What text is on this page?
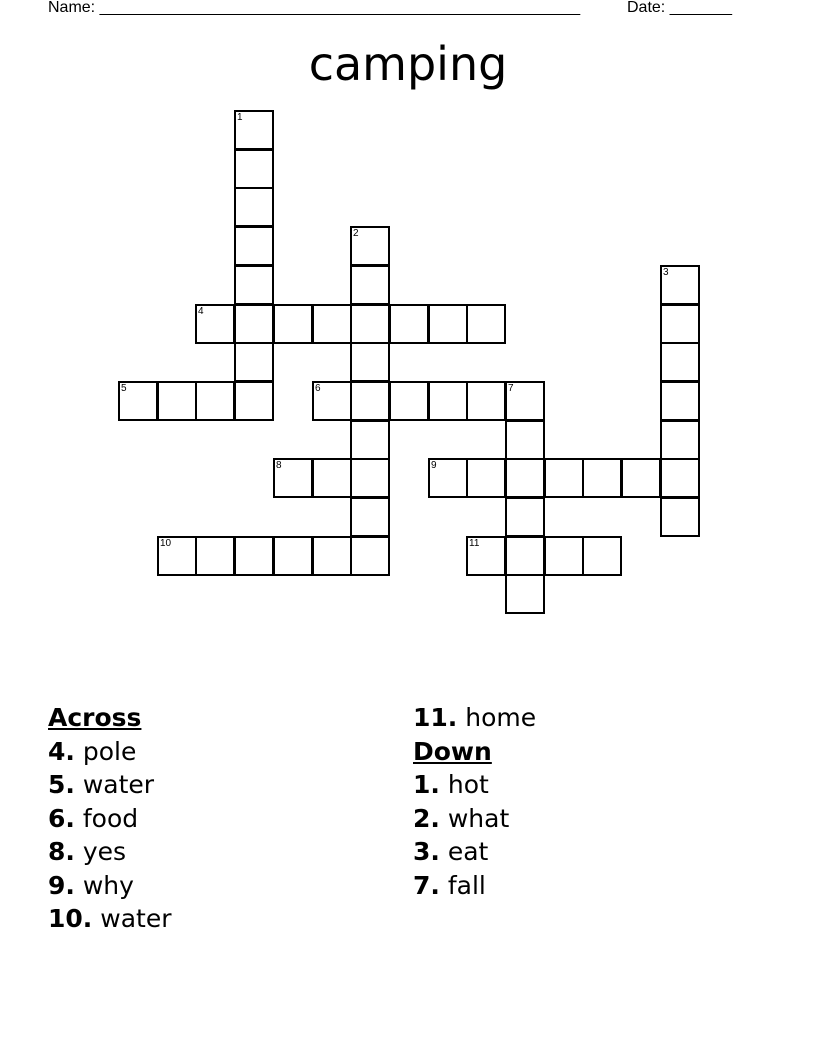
Name: ______________________________________________________	Date: _______
camping
1
2
3
4
5	6	7
8	9
10	11
Across
4. pole
5. water
6. food
8. yes
9. why
10. water
11. home
Down
1. hot
2. what
3. eat
7. fall
